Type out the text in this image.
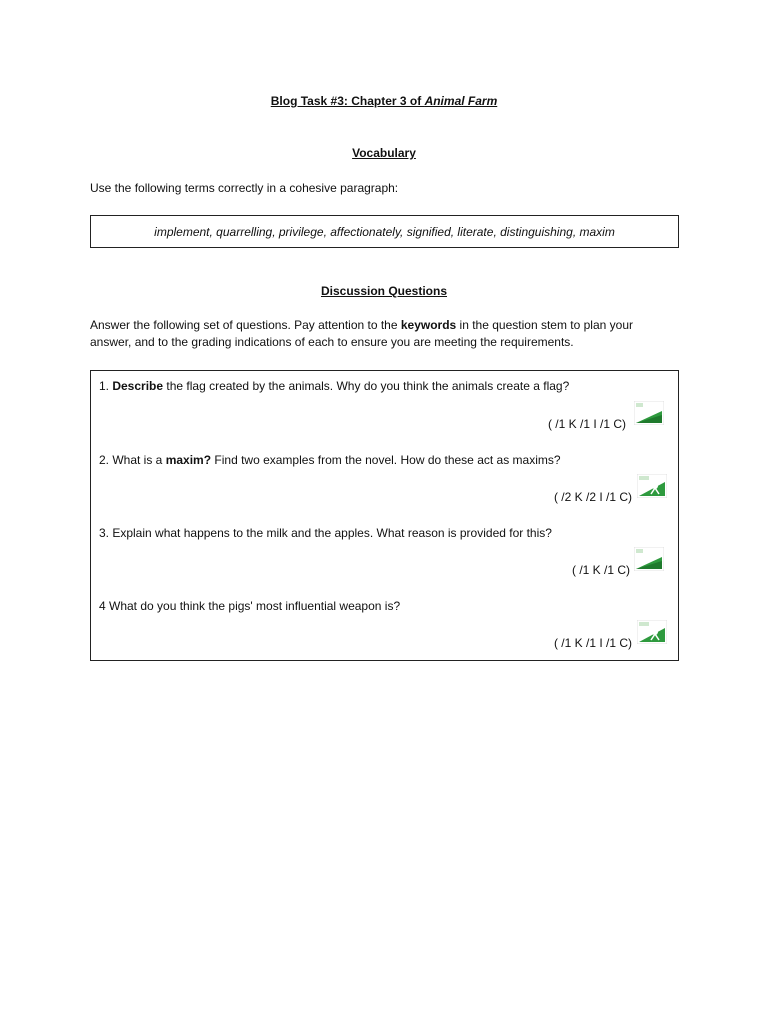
Blog Task #3: Chapter 3 of Animal Farm
Vocabulary
Use the following terms correctly in a cohesive paragraph:
implement, quarrelling, privilege, affectionately, signified, literate, distinguishing, maxim
Discussion Questions
Answer the following set of questions. Pay attention to the keywords in the question stem to plan your
answer, and to the grading indications of each to ensure you are meeting the requirements.
1. Describe the flag created by the animals. Why do you think the animals create a flag?
( /1 K /1 I /1 C)
2. What is a maxim? Find two examples from the novel. How do these act as maxims?
( /2 K /2 I /1 C)
3. Explain what happens to the milk and the apples. What reason is provided for this?
( /1 K /1 C)
4 What do you think the pigs' most influential weapon is?
( /1 K /1 I /1 C)
